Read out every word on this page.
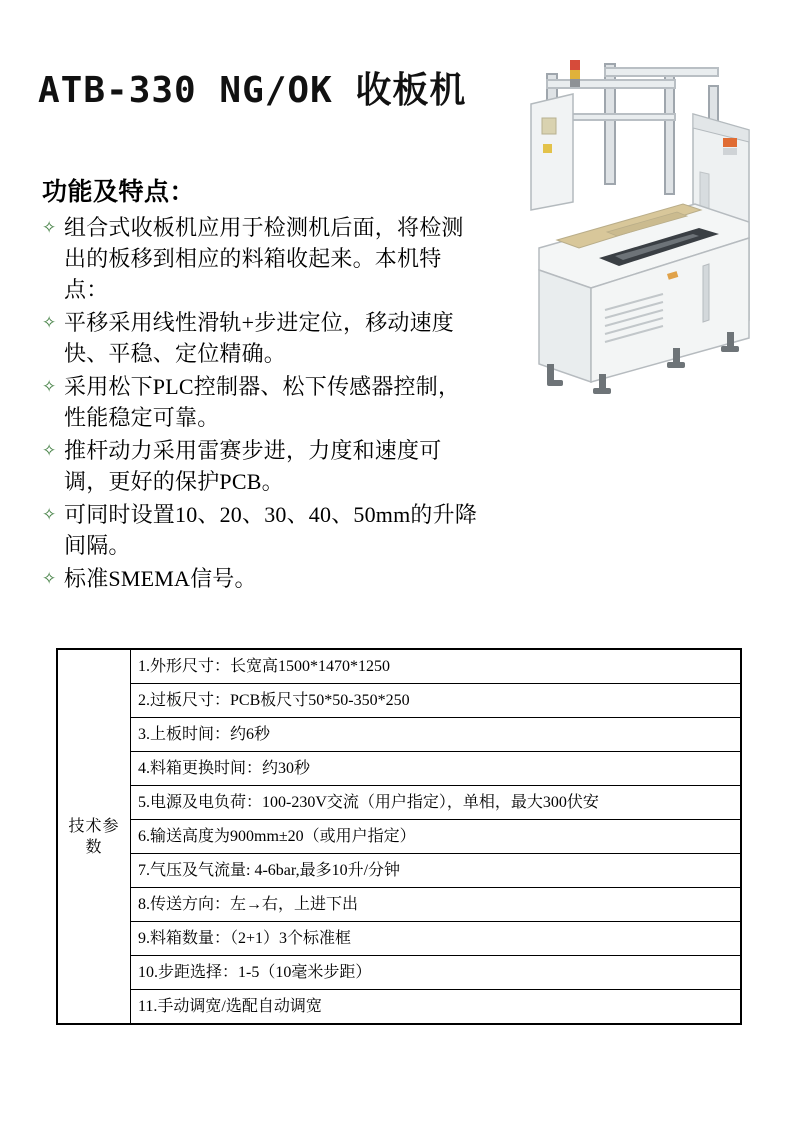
ATB-330 NG/OK 收板机
功能及特点：
✧ 组合式收板机应用于检测机后面，将检测出的板移到相应的料箱收起来。本机特点：
✧ 平移采用线性滑轨+步进定位，移动速度快、平稳、定位精确。
✧ 采用松下PLC控制器、松下传感器控制，性能稳定可靠。
✧ 推杆动力采用雷赛步进，力度和速度可调，更好的保护PCB。
✧ 可同时设置10、20、30、40、50mm的升降间隔。
✧ 标准SMEMA信号。
技术参数	1.外形尺寸：长宽高1500*1470*1250
2.过板尺寸：PCB板尺寸50*50-350*250
3.上板时间：约6秒
4.料箱更换时间：约30秒
5.电源及电负荷：100-230V交流（用户指定），单相，最大300伏安
6.输送高度为900mm±20（或用户指定）
7.气压及气流量: 4-6bar,最多10升/分钟
8.传送方向：左→右，上进下出
9.料箱数量：（2+1）3个标准框
10.步距选择：1-5（10毫米步距）
11.手动调宽/选配自动调宽
